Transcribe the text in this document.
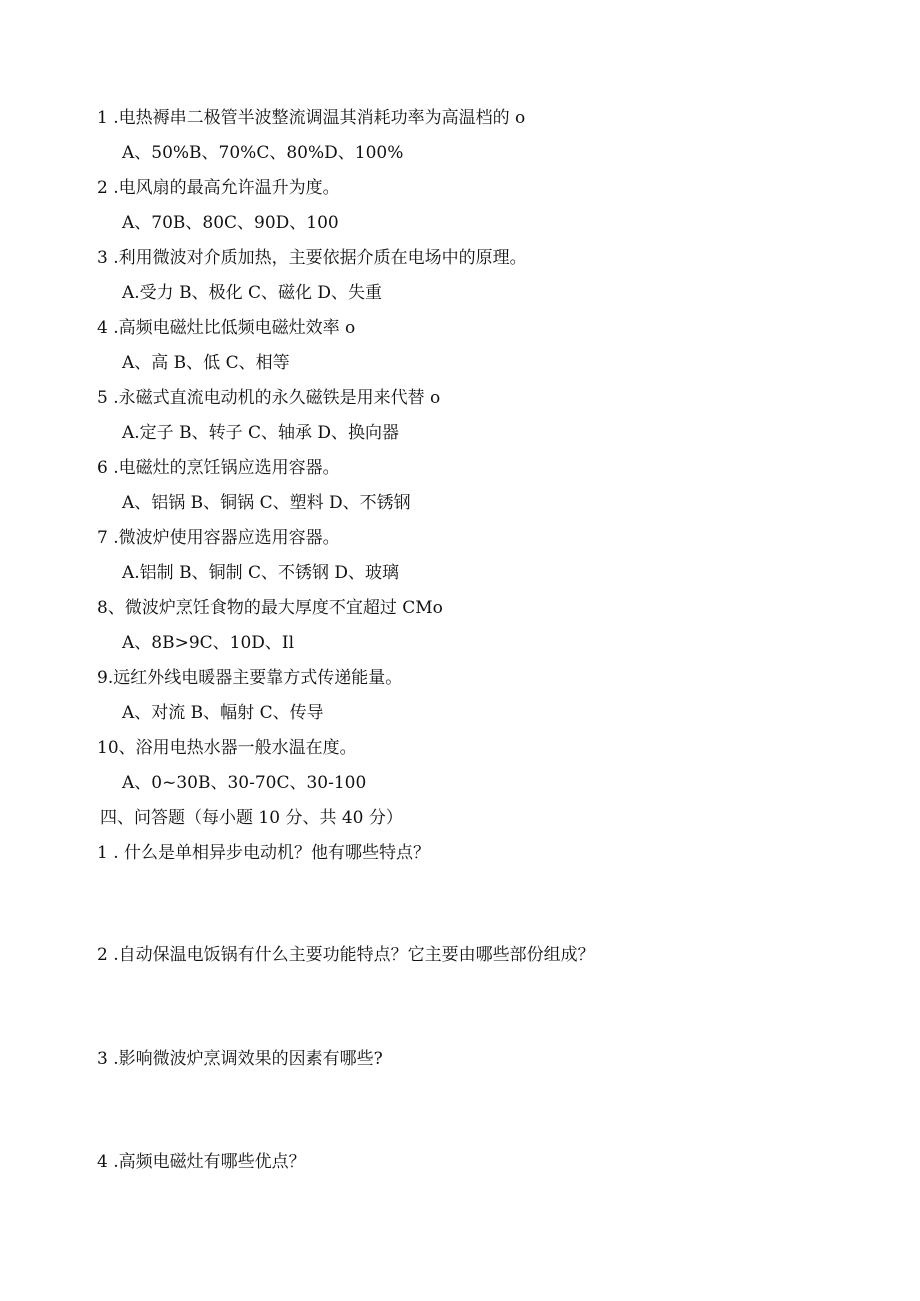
1 .电热褥串二极管半波整流调温其消耗功率为高温档的 o
A、50%B、70%C、80%D、100%
2 .电风扇的最高允许温升为度。
A、70B、80C、90D、100
3 .利用微波对介质加热，主要依据介质在电场中的原理。
A.受力 B、极化 C、磁化 D、失重
4 .高频电磁灶比低频电磁灶效率 o
A、高 B、低 C、相等
5 .永磁式直流电动机的永久磁铁是用来代替 o
A.定子 B、转子 C、轴承 D、换向器
6 .电磁灶的烹饪锅应选用容器。
A、铝锅 B、铜锅 C、塑料 D、不锈钢
7 .微波炉使用容器应选用容器。
A.铝制 B、铜制 C、不锈钢 D、玻璃
8、微波炉烹饪食物的最大厚度不宜超过 CMo
A、8B>9C、10D、Il
9.远红外线电暖器主要靠方式传递能量。
A、对流 B、幅射 C、传导
10、浴用电热水器一般水温在度。
A、0~30B、30-70C、30-100
四、问答题（每小题 10 分、共 40 分）
1 . 什么是单相异步电动机？他有哪些特点？
2 .自动保温电饭锅有什么主要功能特点？它主要由哪些部份组成？
3 .影响微波炉烹调效果的因素有哪些?
4 .高频电磁灶有哪些优点？
